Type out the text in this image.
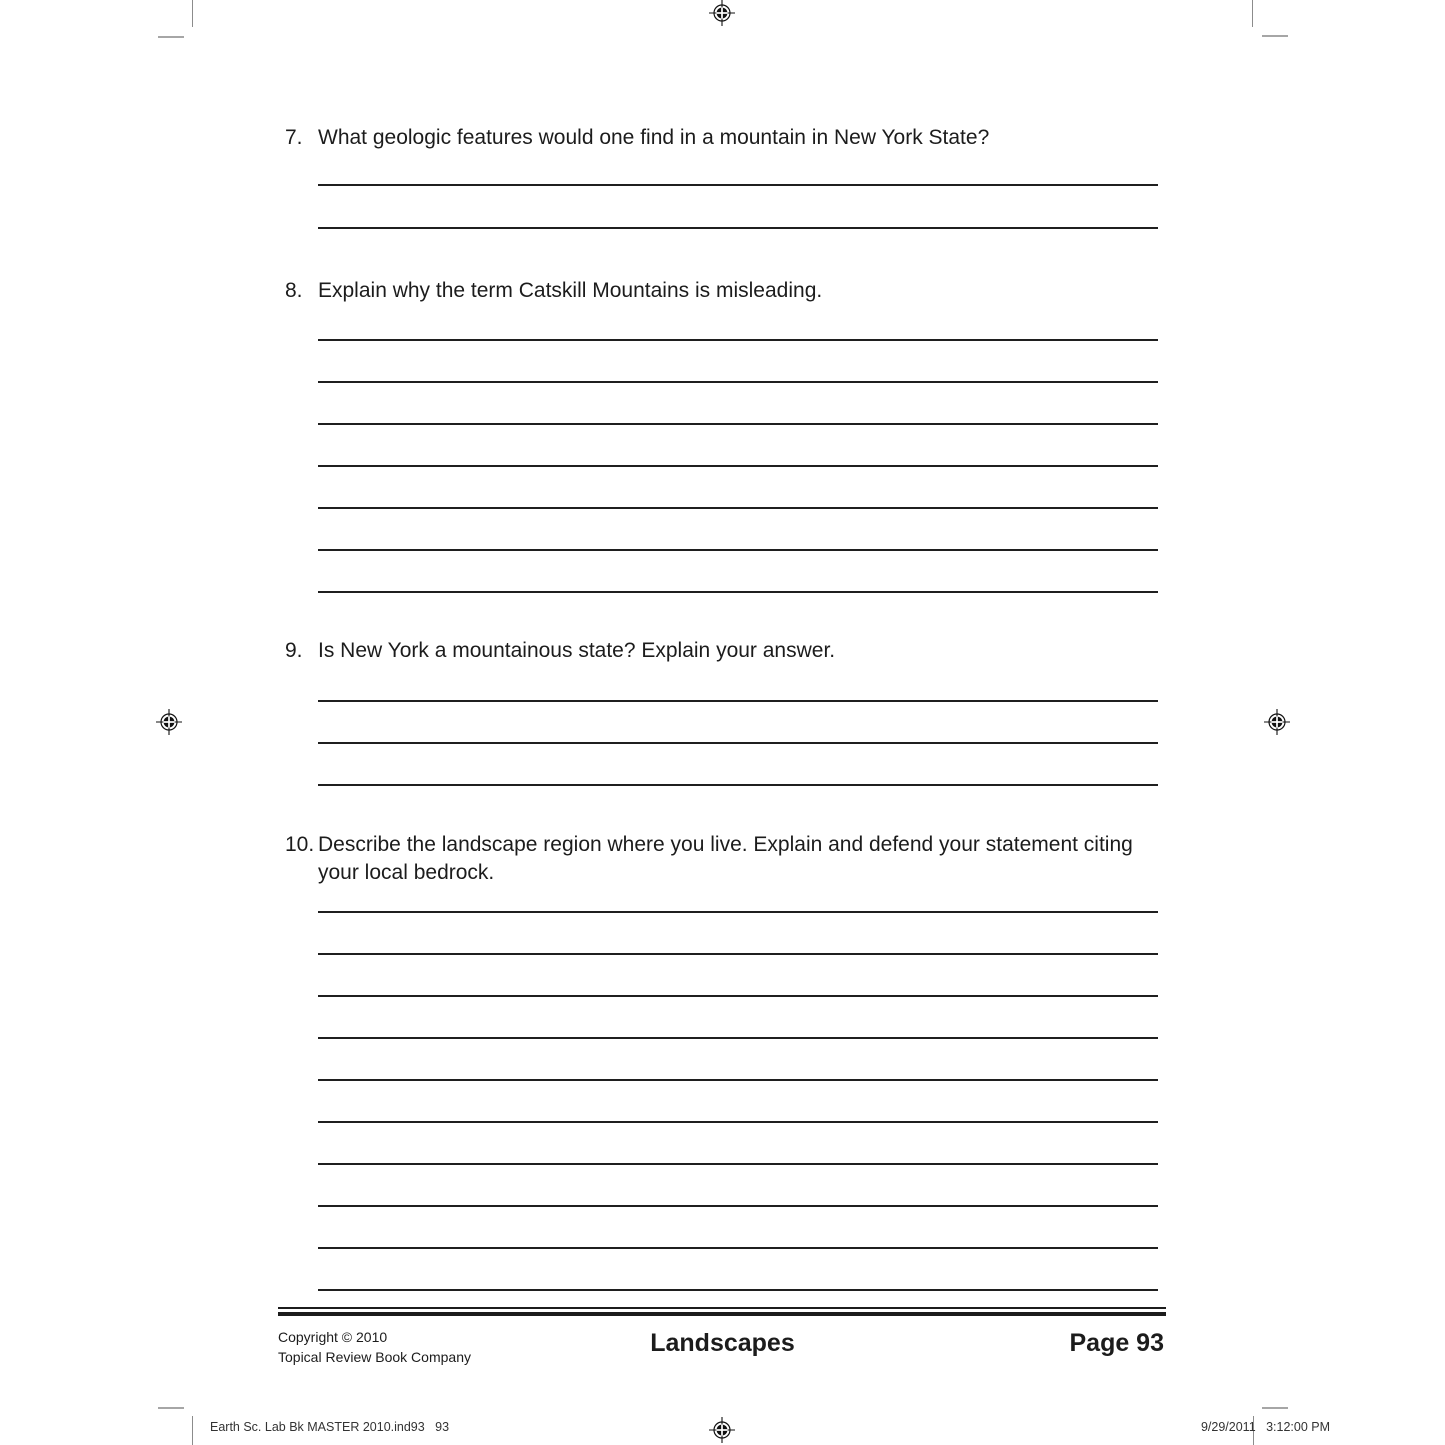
7. What geologic features would one find in a mountain in New York State?
8. Explain why the term Catskill Mountains is misleading.
9. Is New York a mountainous state? Explain your answer.
10. Describe the landscape region where you live. Explain and defend your statement citing your local bedrock.
Copyright © 2010
Topical Review Book Company	Landscapes	Page 93
Earth Sc. Lab Bk MASTER 2010.ind93   93	9/29/2011   3:12:00 PM
